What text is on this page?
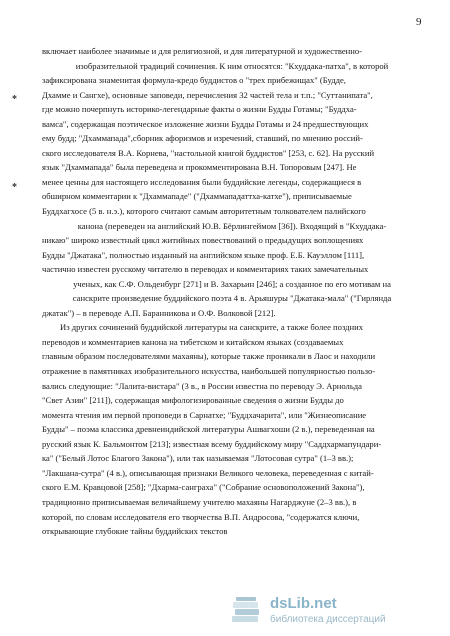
9
*
*
включает наиболее значимые и для религиозной, и для литературной и художественно-
изобразительной традиций сочинения. К ним относятся: "Кхуддака-патха", в которой
зафиксирована знаменитая формула-кредо буддистов о "трех прибежищах" (Будде,
Дхамме и Сангхе), основные заповеди, перечисления 32 частей тела и т.п.; "Суттанипата",
где можно почерпнуть историко-легендарные факты о жизни Будды Готамы; "Буддха-
вамса", содержащая поэтическое изложение жизни Будды Готамы и 24 предшествующих
ему будд; "Дхаммапада",сборник афоризмов и изречений, ставший, по мнению россий-
ского исследователя В.А. Корнева, "настольной книгой буддистов" [253, с. 62]. На русский
язык "Дхаммапада" была переведена и прокомментирована В.Н. Топоровым [247]. Не
менее ценны для настоящего исследования были буддийские легенды, содержащиеся в
обширном комментарии к "Дхаммападе" ("Дхаммападаттха-катхе"), приписываемые
Буддхагхосе (5 в. н.э.), которого считают самым авторитетным толкователем палийского
канона (переведен на английский Ю.В. Бёрлингеймом [36]). Входящий в "Кхуддака-
никаю" широко известный цикл житийных повествований о предыдущих воплощениях
Будды "Джатака", полностью изданный на английском языке проф. Е.Б. Кауэллом [111],
частично известен русскому читателю в переводах и комментариях таких замечательных
ученых, как С.Ф. Ольденбург [271] и В. Захарьин [246]; а созданное по его мотивам на
санскрите произведение буддийского поэта 4 в. Арьяшуры "Джатака-мала" ("Гирлянда
джатак") – в переводе А.П. Баранникова и О.Ф. Волковой [212].
Из других сочинений буддийской литературы на санскрите, а также более поздних
переводов и комментариев канона на тибетском и китайском языках (создаваемых
главным образом последователями махаяны), которые также проникали в Лаос и находили
отражение в памятниках изобразительного искусства, наибольшей популярностью пользо-
вались следующие: "Лалита-вистара" (3 в., в России известна по переводу Э. Арнольда
"Свет Азии" [211]), содержащая мифологизированные сведения о жизни Будды до
момента чтения им первой проповеди в Сарнатхе; "Буддхачарита", или "Жизнеописание
Будды" – поэма классика древнеиндийской литературы Ашвагхоши (2 в.), переведенная на
русский язык К. Бальмонтом [213]; известная всему буддийскому миру "Саддхармапундари-
ка" ("Белый Лотос Благого Закона"), или так называемая "Лотосовая сутра" (1–3 вв.);
"Лакшана-сутра" (4 в.), описывающая признаки Великого человека, переведенная с китай-
ского Е.М. Кравцовой [258]; "Дхарма-санграха" ("Собрание основоположений Закона"),
традиционно приписываемая величайшему учителю махаяны Нагарджуне (2–3 вв.), в
которой, по словам исследователя его творчества В.П. Андросова, "содержатся ключи,
открывающие глубокие тайны буддийских текстов
dsLib.net
библиотека диссертаций
